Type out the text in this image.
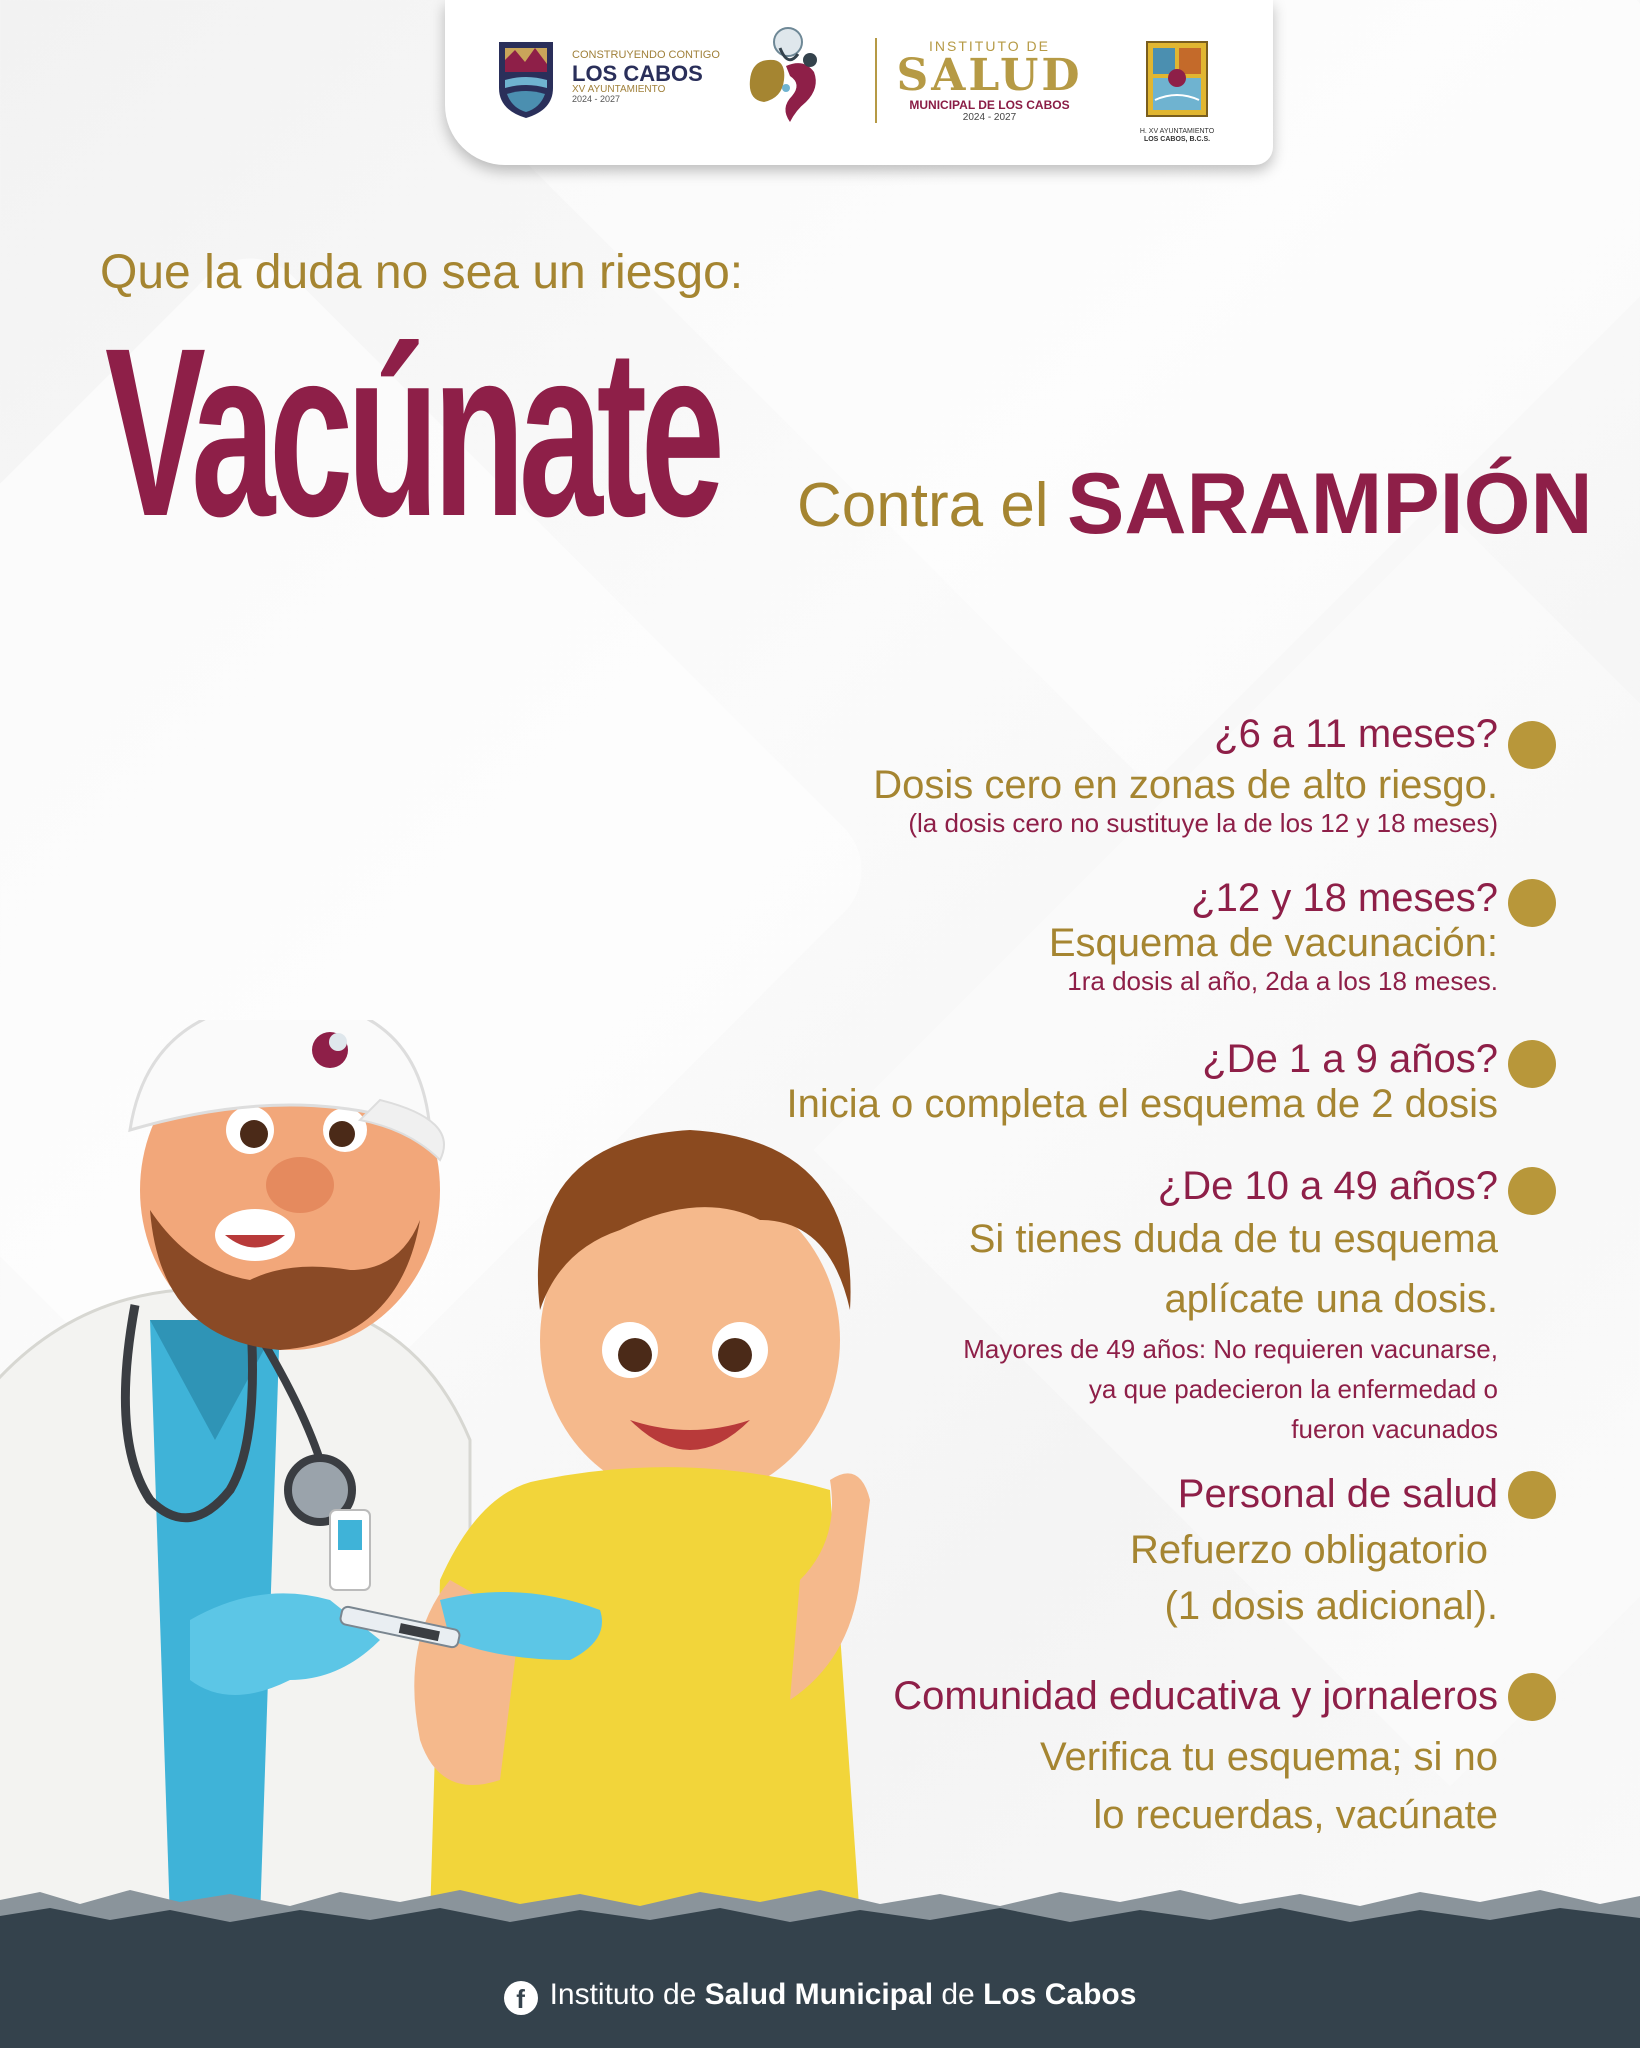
CONSTRUYENDO CONTIGO
LOS CABOS
XV AYUNTAMIENTO
2024 - 2027
INSTITUTO DE
SALUD
MUNICIPAL DE LOS CABOS
2024 - 2027
H. XV AYUNTAMIENTO
LOS CABOS, B.C.S.
Que la duda no sea un riesgo:
Vacúnate Contra el SARAMPIÓN
¿6 a 11 meses?
Dosis cero en zonas de alto riesgo.
(la dosis cero no sustituye la de los 12 y 18 meses)
¿12 y 18 meses?
Esquema de vacunación:
1ra dosis al año, 2da a los 18 meses.
¿De 1 a 9 años?
Inicia o completa el esquema de 2 dosis
¿De 10 a 49 años?
Si tienes duda de tu esquema
aplícate una dosis.
Mayores de 49 años: No requieren vacunarse,
ya que padecieron la enfermedad o
fueron vacunados
Personal de salud
Refuerzo obligatorio
(1 dosis adicional).
Comunidad educativa y jornaleros
Verifica tu esquema; si no
lo recuerdas, vacúnate
f Instituto de Salud Municipal de Los Cabos
